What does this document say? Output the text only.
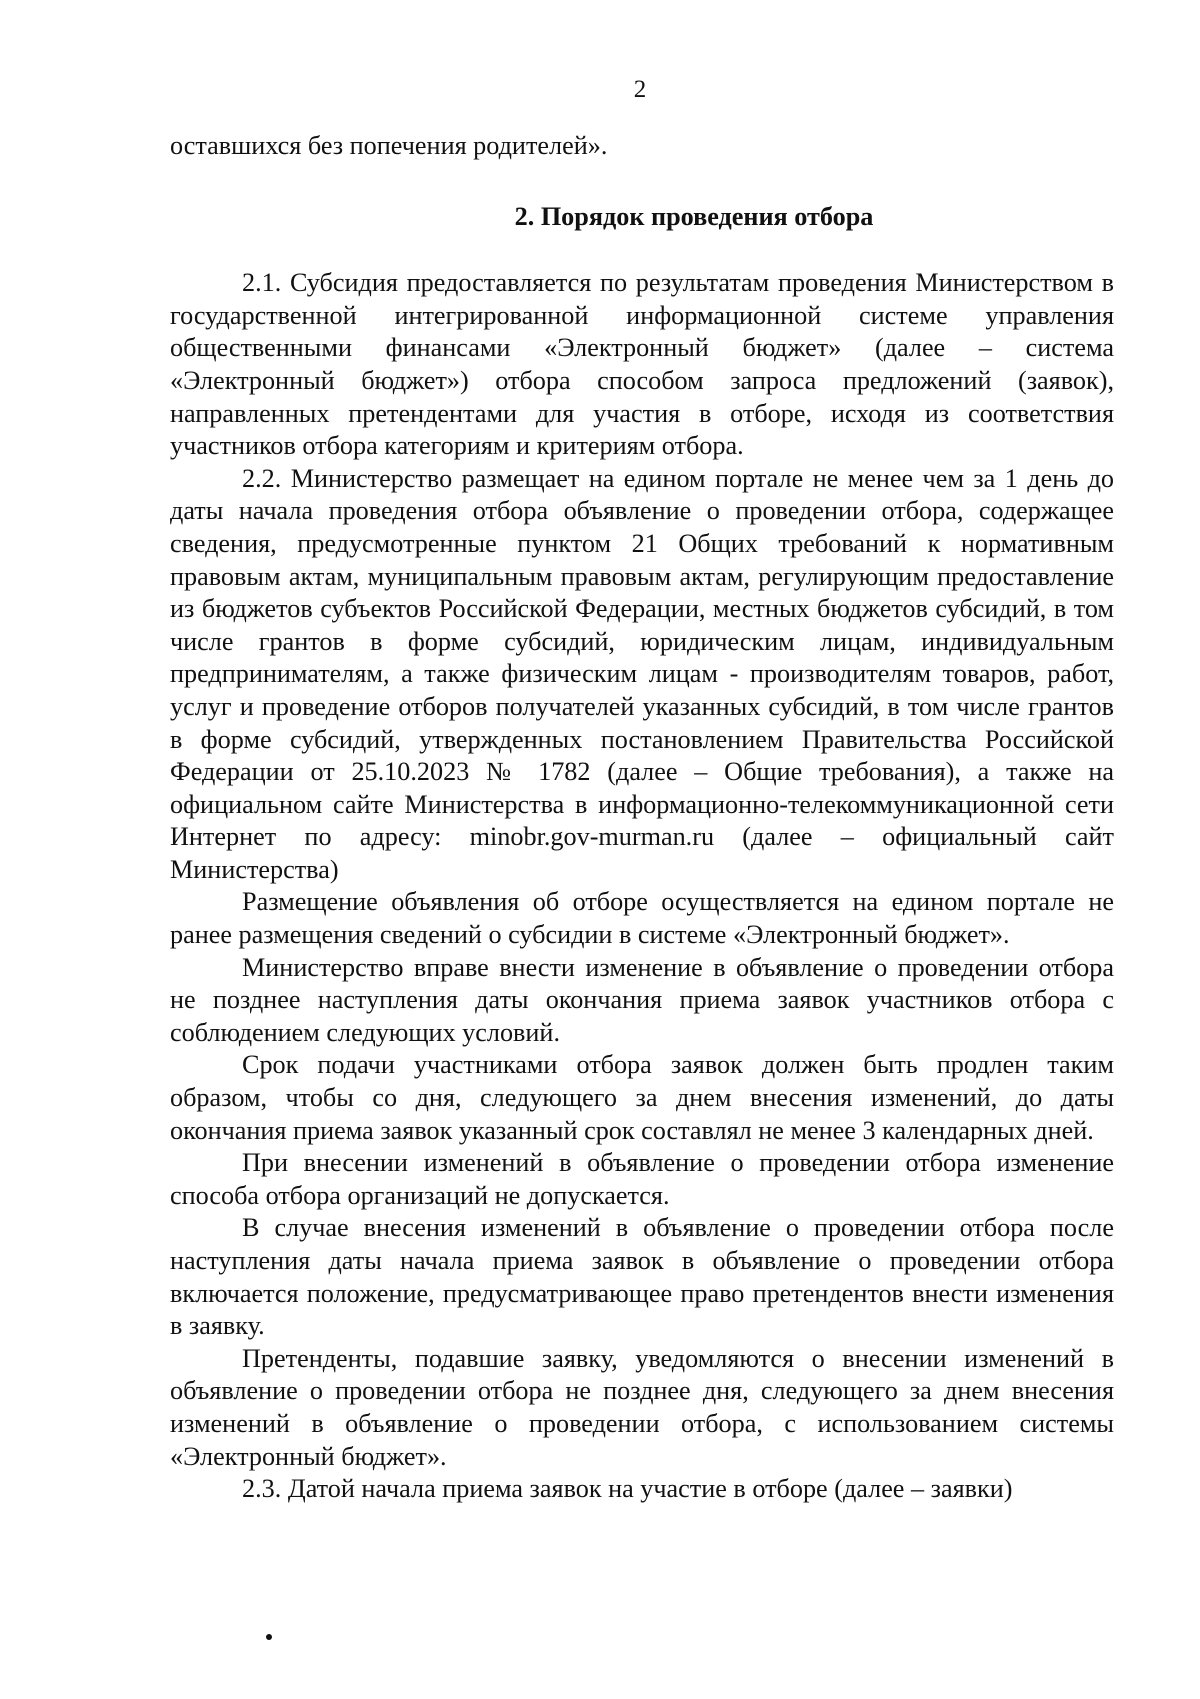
2

оставшихся без попечения родителей».

2. Порядок проведения отбора

2.1. Субсидия предоставляется по результатам проведения Министерством в государственной интегрированной информационной системе управления общественными финансами «Электронный бюджет» (далее – система «Электронный бюджет») отбора способом запроса предложений (заявок), направленных претендентами для участия в отборе, исходя из соответствия участников отбора категориям и критериям отбора.

2.2. Министерство размещает на едином портале не менее чем за 1 день до даты начала проведения отбора объявление о проведении отбора, содержащее сведения, предусмотренные пунктом 21 Общих требований к нормативным правовым актам, муниципальным правовым актам, регулирующим предоставление из бюджетов субъектов Российской Федерации, местных бюджетов субсидий, в том числе грантов в форме субсидий, юридическим лицам, индивидуальным предпринимателям, а также физическим лицам - производителям товаров, работ, услуг и проведение отборов получателей указанных субсидий, в том числе грантов в форме субсидий, утвержденных постановлением Правительства Российской Федерации от 25.10.2023 № 1782 (далее – Общие требования), а также на официальном сайте Министерства в информационно-телекоммуникационной сети Интернет по адресу: minobr.gov-murman.ru (далее – официальный сайт Министерства)

Размещение объявления об отборе осуществляется на едином портале не ранее размещения сведений о субсидии в системе «Электронный бюджет».

Министерство вправе внести изменение в объявление о проведении отбора не позднее наступления даты окончания приема заявок участников отбора с соблюдением следующих условий.

Срок подачи участниками отбора заявок должен быть продлен таким образом, чтобы со дня, следующего за днем внесения изменений, до даты окончания приема заявок указанный срок составлял не менее 3 календарных дней.

При внесении изменений в объявление о проведении отбора изменение способа отбора организаций не допускается.

В случае внесения изменений в объявление о проведении отбора после наступления даты начала приема заявок в объявление о проведении отбора включается положение, предусматривающее право претендентов внести изменения в заявку.

Претенденты, подавшие заявку, уведомляются о внесении изменений в объявление о проведении отбора не позднее дня, следующего за днем внесения изменений в объявление о проведении отбора, с использованием системы «Электронный бюджет».

2.3. Датой начала приема заявок на участие в отборе (далее – заявки)
